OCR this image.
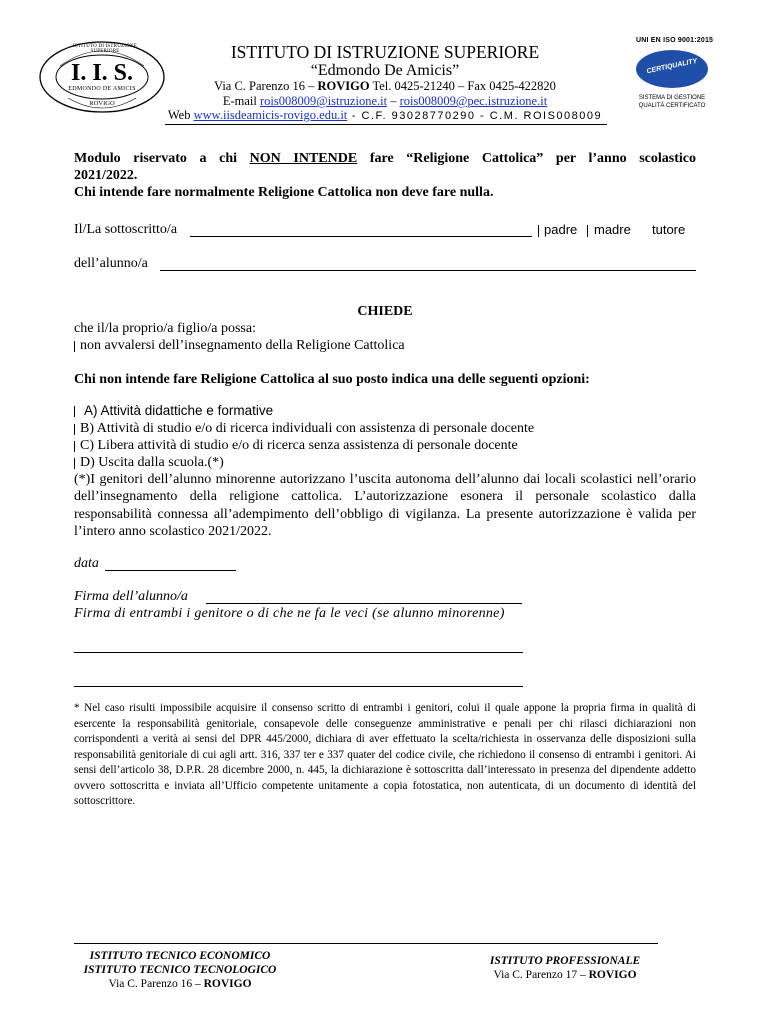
ISTITUTO DI ISTRUZIONE SUPERIORE
I. I. S.
EDMONDO DE AMICIS
ROVIGO
ISTITUTO DI ISTRUZIONE SUPERIORE
“Edmondo De Amicis”
Via C. Parenzo 16 – ROVIGO Tel. 0425-21240 – Fax 0425-422820
E-mail rois008009@istruzione.it – rois008009@pec.istruzione.it
Web www.iisdeamicis-rovigo.edu.it - C.F. 93028770290 - C.M. ROIS008009
UNI EN ISO 9001:2015
CERTIQUALITY
SISTEMA DI GESTIONE
QUALITÀ CERTIFICATO
Modulo riservato a chi NON INTENDE fare “Religione Cattolica” per l’anno scolastico
2021/2022.
Chi intende fare normalmente Religione Cattolica non deve fare nulla.
Il/La sottoscritto/a	padre madre tutore
dell’alunno/a
CHIEDE
che il/la proprio/a figlio/a possa:
non avvalersi dell’insegnamento della Religione Cattolica
Chi non intende fare Religione Cattolica al suo posto indica una delle seguenti opzioni:
A) Attività didattiche e formative
B) Attività di studio e/o di ricerca individuali con assistenza di personale docente
C) Libera attività di studio e/o di ricerca senza assistenza di personale docente
D) Uscita dalla scuola.(*)
(*)I genitori dell’alunno minorenne autorizzano l’uscita autonoma dell’alunno dai locali scolastici nell’orario dell’insegnamento della religione cattolica. L’autorizzazione esonera il personale scolastico dalla responsabilità connessa all’adempimento dell’obbligo di vigilanza. La presente autorizzazione è valida per l’intero anno scolastico 2021/2022.
data
Firma dell’alunno/a
Firma di entrambi i genitore o di che ne fa le veci (se alunno minorenne)
* Nel caso risulti impossibile acquisire il consenso scritto di entrambi i genitori, colui il quale appone la propria firma in qualità di esercente la responsabilità genitoriale, consapevole delle conseguenze amministrative e penali per chi rilasci dichiarazioni non corrispondenti a verità ai sensi del DPR 445/2000, dichiara di aver effettuato la scelta/richiesta in osservanza delle disposizioni sulla responsabilità genitoriale di cui agli artt. 316, 337 ter e 337 quater del codice civile, che richiedono il consenso di entrambi i genitori. Ai sensi dell’articolo 38, D.P.R. 28 dicembre 2000, n. 445, la dichiarazione è sottoscritta dall’interessato in presenza del dipendente addetto ovvero sottoscritta e inviata all’Ufficio competente unitamente a copia fotostatica, non autenticata, di un documento di identità del sottoscrittore.
ISTITUTO TECNICO ECONOMICO
ISTITUTO TECNICO TECNOLOGICO
Via C. Parenzo 16 – ROVIGO
ISTITUTO PROFESSIONALE
Via C. Parenzo 17 – ROVIGO
